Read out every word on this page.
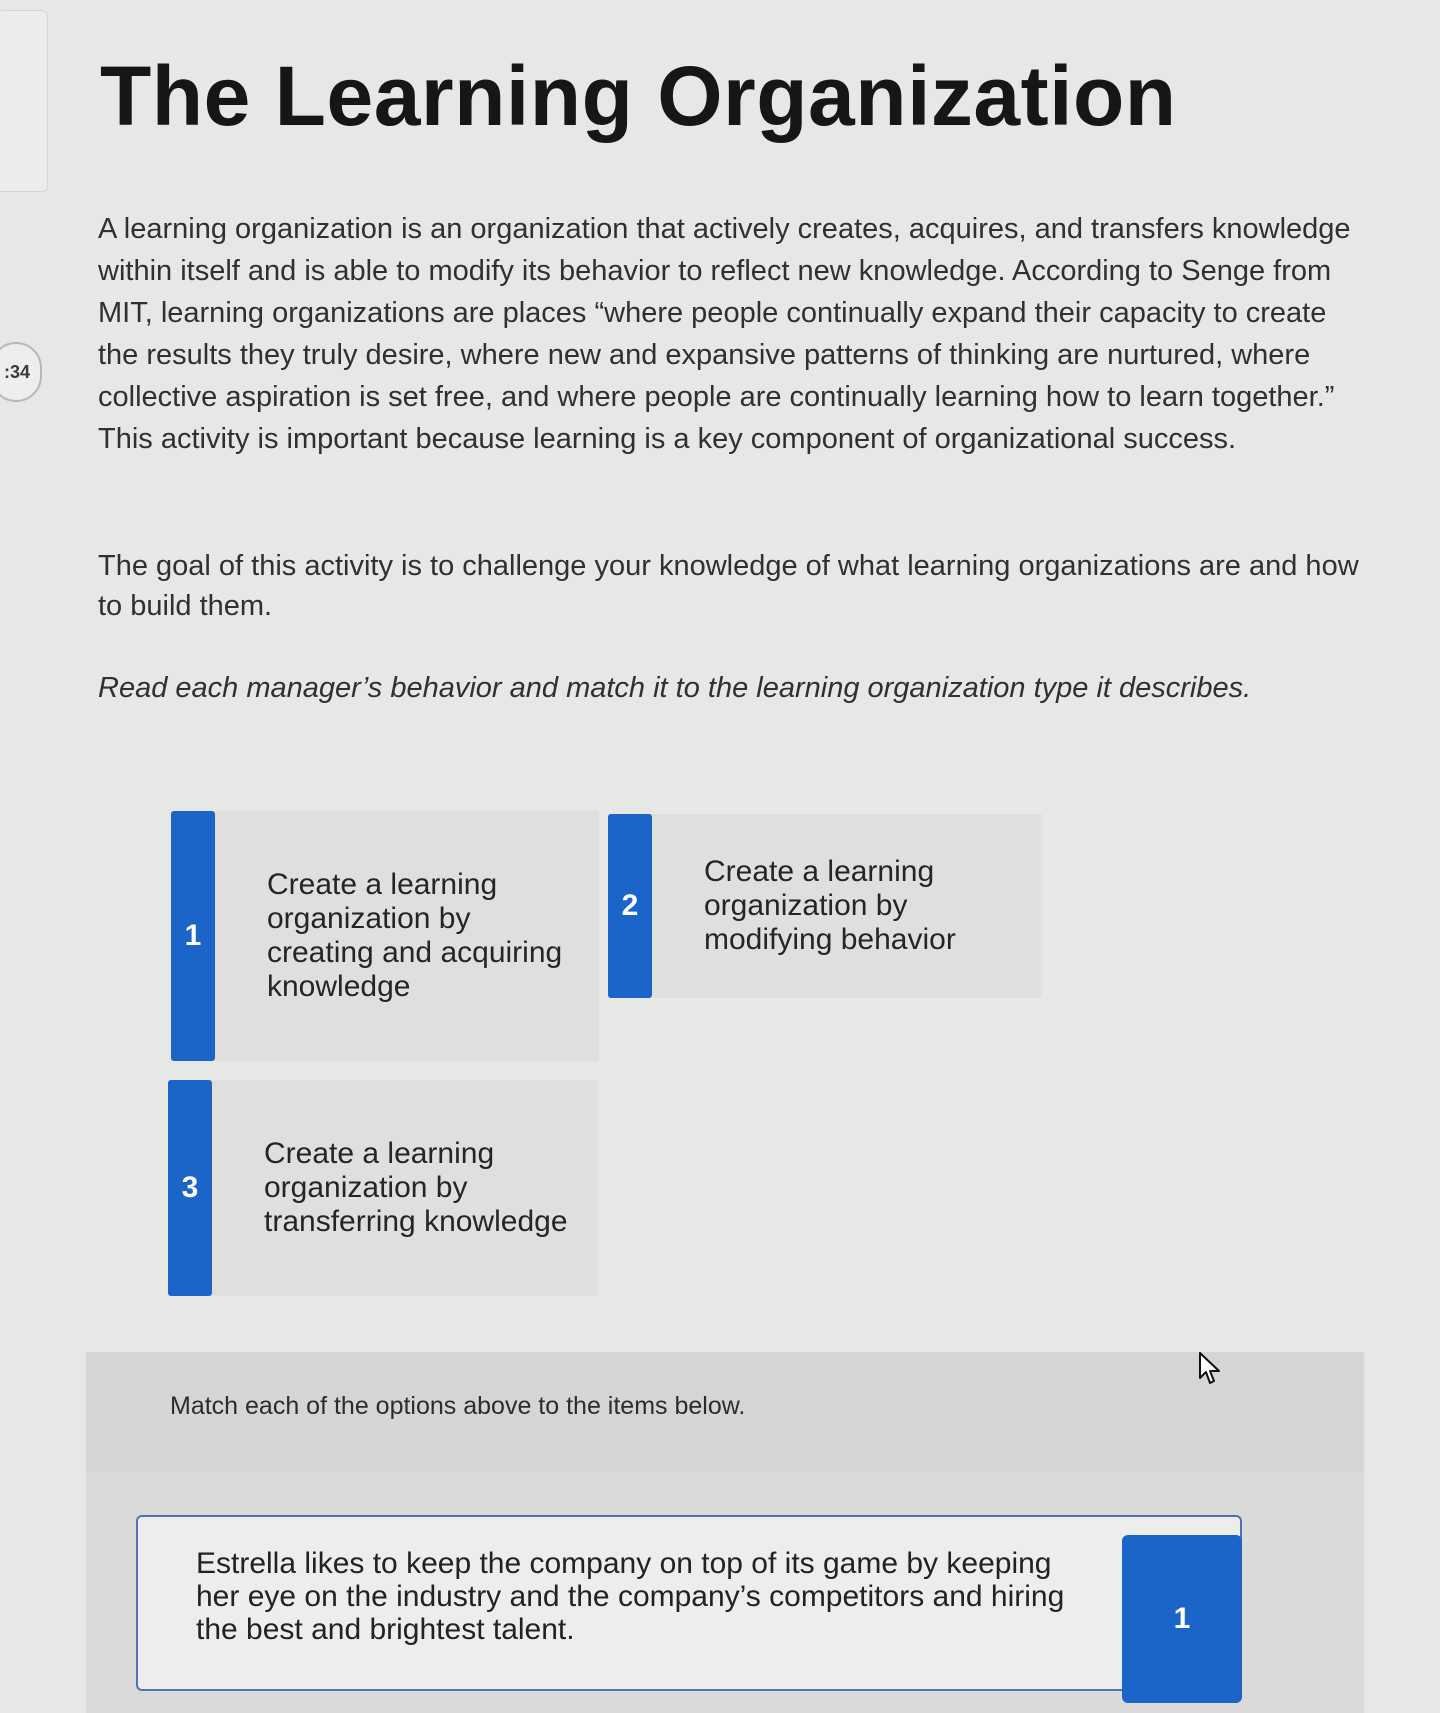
:34
The Learning Organization

A learning organization is an organization that actively creates, acquires, and transfers knowledge within itself and is able to modify its behavior to reflect new knowledge. According to Senge from MIT, learning organizations are places “where people continually expand their capacity to create the results they truly desire, where new and expansive patterns of thinking are nurtured, where collective aspiration is set free, and where people are continually learning how to learn together.” This activity is important because learning is a key component of organizational success.

The goal of this activity is to challenge your knowledge of what learning organizations are and how to build them.

Read each manager’s behavior and match it to the learning organization type it describes.

1
Create a learning organization by creating and acquiring knowledge
2
Create a learning organization by modifying behavior
3
Create a learning organization by transferring knowledge
Match each of the options above to the items below.
Estrella likes to keep the company on top of its game by keeping her eye on the industry and the company’s competitors and hiring the best and brightest talent.	1
